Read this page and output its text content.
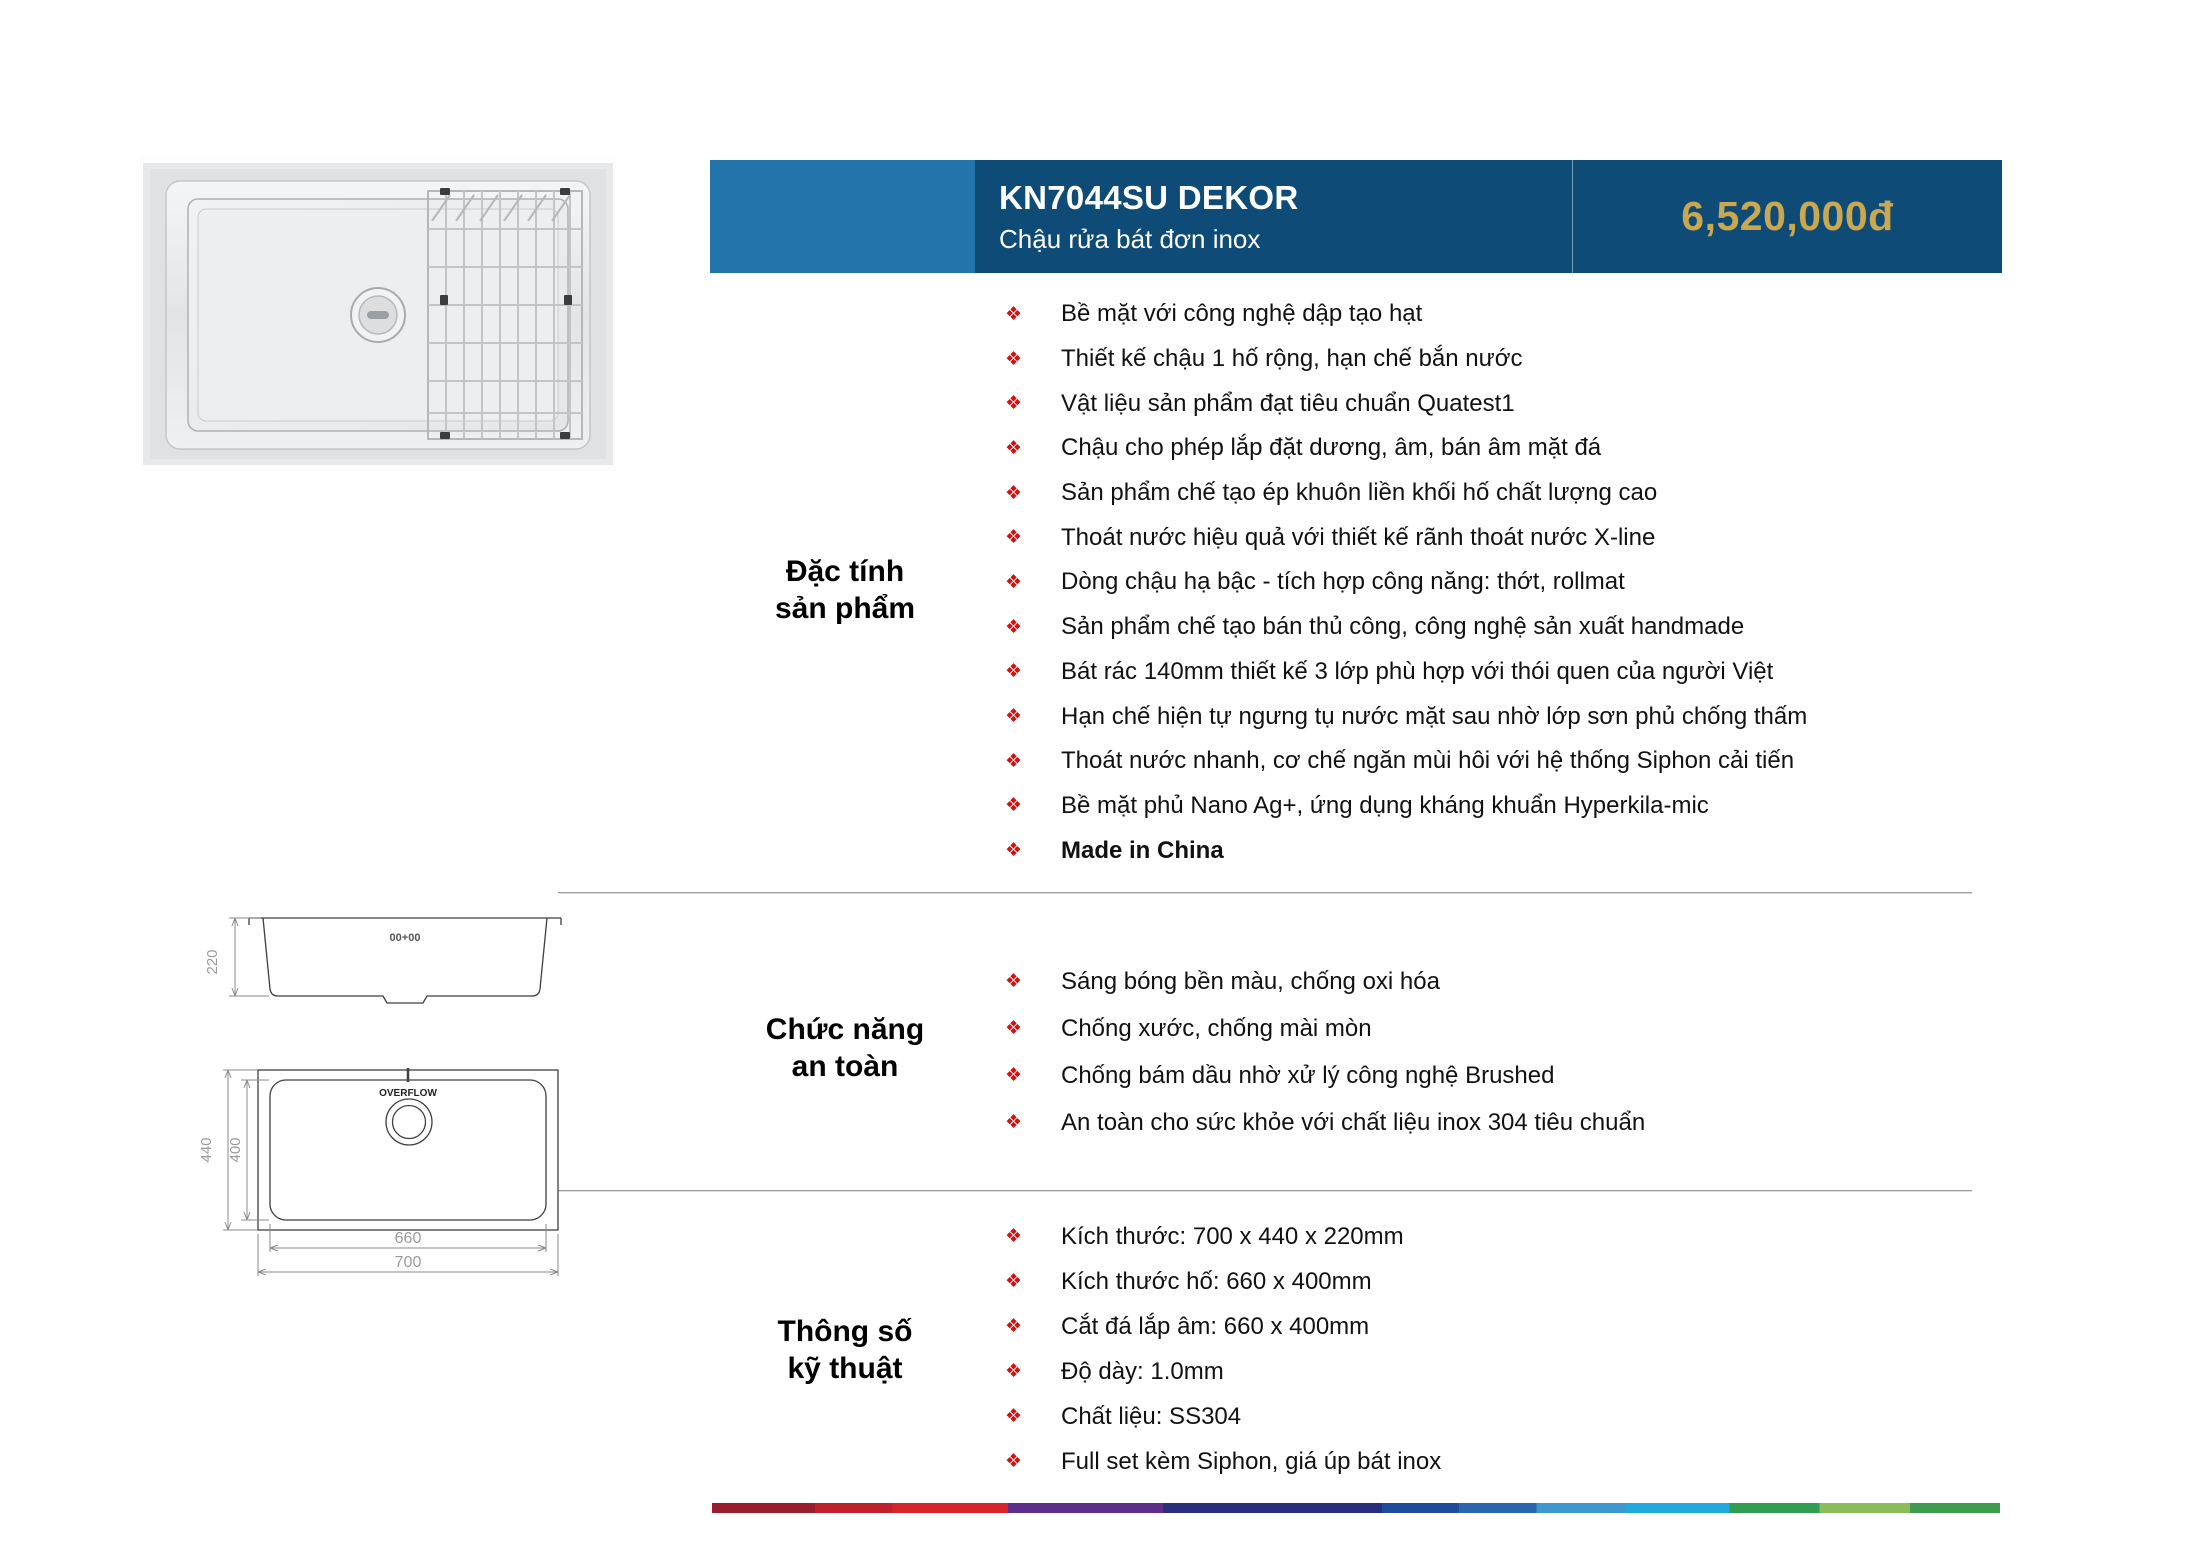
KN7044SU DEKOR
Chậu rửa bát đơn inox	6,520,000đ
Đặc tính
sản phẩm
❖	Bề mặt với công nghệ dập tạo hạt
❖	Thiết kế chậu 1 hố rộng, hạn chế bắn nước
❖	Vật liệu sản phẩm đạt tiêu chuẩn Quatest1
❖	Chậu cho phép lắp đặt dương, âm, bán âm mặt đá
❖	Sản phẩm chế tạo ép khuôn liền khối hố chất lượng cao
❖	Thoát nước hiệu quả với thiết kế rãnh thoát nước X-line
❖	Dòng chậu hạ bậc - tích hợp công năng: thớt, rollmat
❖	Sản phẩm chế tạo bán thủ công, công nghệ sản xuất handmade
❖	Bát rác 140mm thiết kế 3 lớp phù hợp với thói quen của người Việt
❖	Hạn chế hiện tự ngưng tụ nước mặt sau nhờ lớp sơn phủ chống thấm
❖	Thoát nước nhanh, cơ chế ngăn mùi hôi với hệ thống Siphon cải tiến
❖	Bề mặt phủ Nano Ag+, ứng dụng kháng khuẩn Hyperkila-mic
❖	Made in China
Chức năng
an toàn
❖	Sáng bóng bền màu, chống oxi hóa
❖	Chống xước, chống mài mòn
❖	Chống bám dầu nhờ xử lý công nghệ Brushed
❖	An toàn cho sức khỏe với chất liệu inox 304 tiêu chuẩn
Thông số
kỹ thuật
❖	Kích thước: 700 x 440 x 220mm
❖	Kích thước hố: 660 x 400mm
❖	Cắt đá lắp âm: 660 x 400mm
❖	Độ dày: 1.0mm
❖	Chất liệu: SS304
❖	Full set kèm Siphon, giá úp bát inox
00+00
220
OVERFLOW
440 400
660
700
